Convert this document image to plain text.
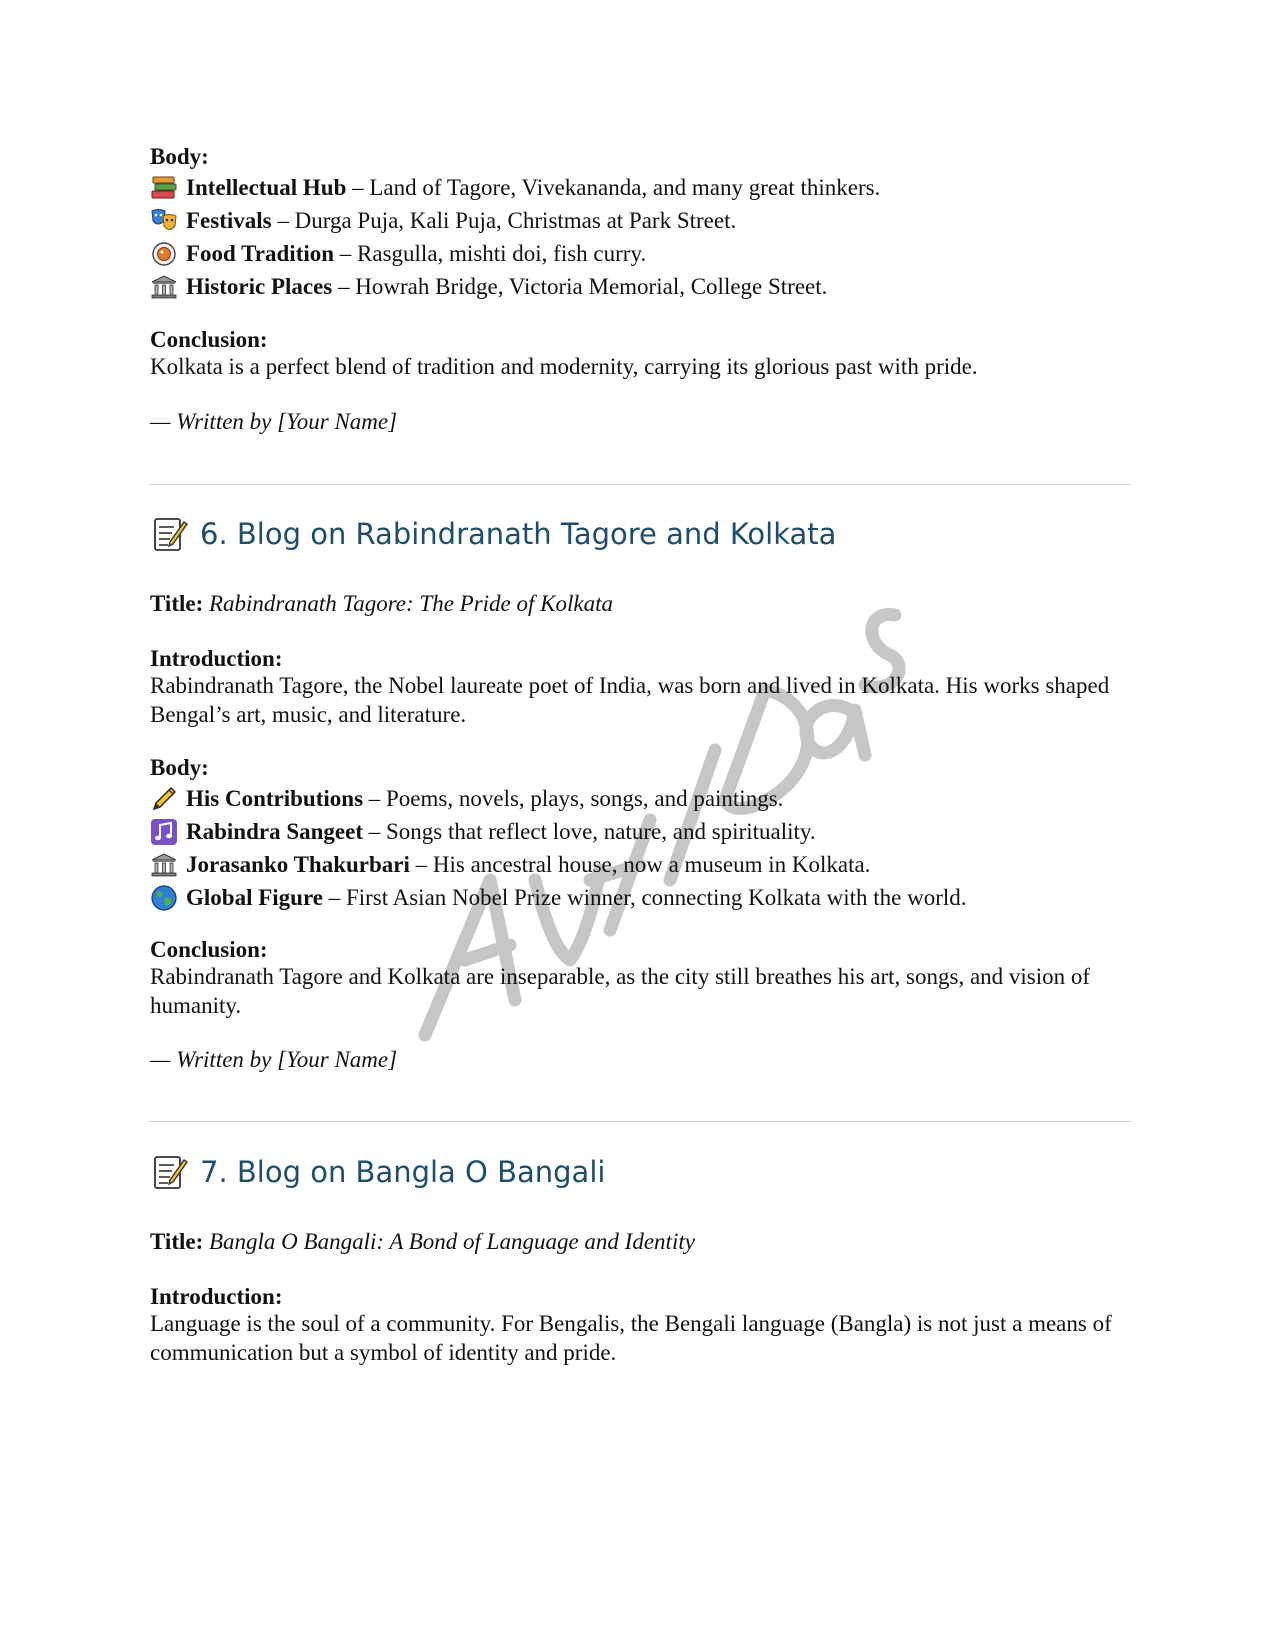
Body:

Intellectual Hub – Land of Tagore, Vivekananda, and many great thinkers.
Festivals – Durga Puja, Kali Puja, Christmas at Park Street.
Food Tradition – Rasgulla, mishti doi, fish curry.
Historic Places – Howrah Bridge, Victoria Memorial, College Street.

Conclusion:

Kolkata is a perfect blend of tradition and modernity, carrying its glorious past with pride.

— Written by [Your Name]

6. Blog on Rabindranath Tagore and Kolkata

Title: Rabindranath Tagore: The Pride of Kolkata

Introduction:

Rabindranath Tagore, the Nobel laureate poet of India, was born and lived in Kolkata. His works shaped Bengal’s art, music, and literature.

Body:

His Contributions – Poems, novels, plays, songs, and paintings.
Rabindra Sangeet – Songs that reflect love, nature, and spirituality.
Jorasanko Thakurbari – His ancestral house, now a museum in Kolkata.
Global Figure – First Asian Nobel Prize winner, connecting Kolkata with the world.

Conclusion:

Rabindranath Tagore and Kolkata are inseparable, as the city still breathes his art, songs, and vision of humanity.

— Written by [Your Name]

7. Blog on Bangla O Bangali

Title: Bangla O Bangali: A Bond of Language and Identity

Introduction:

Language is the soul of a community. For Bengalis, the Bengali language (Bangla) is not just a means of communication but a symbol of identity and pride.
